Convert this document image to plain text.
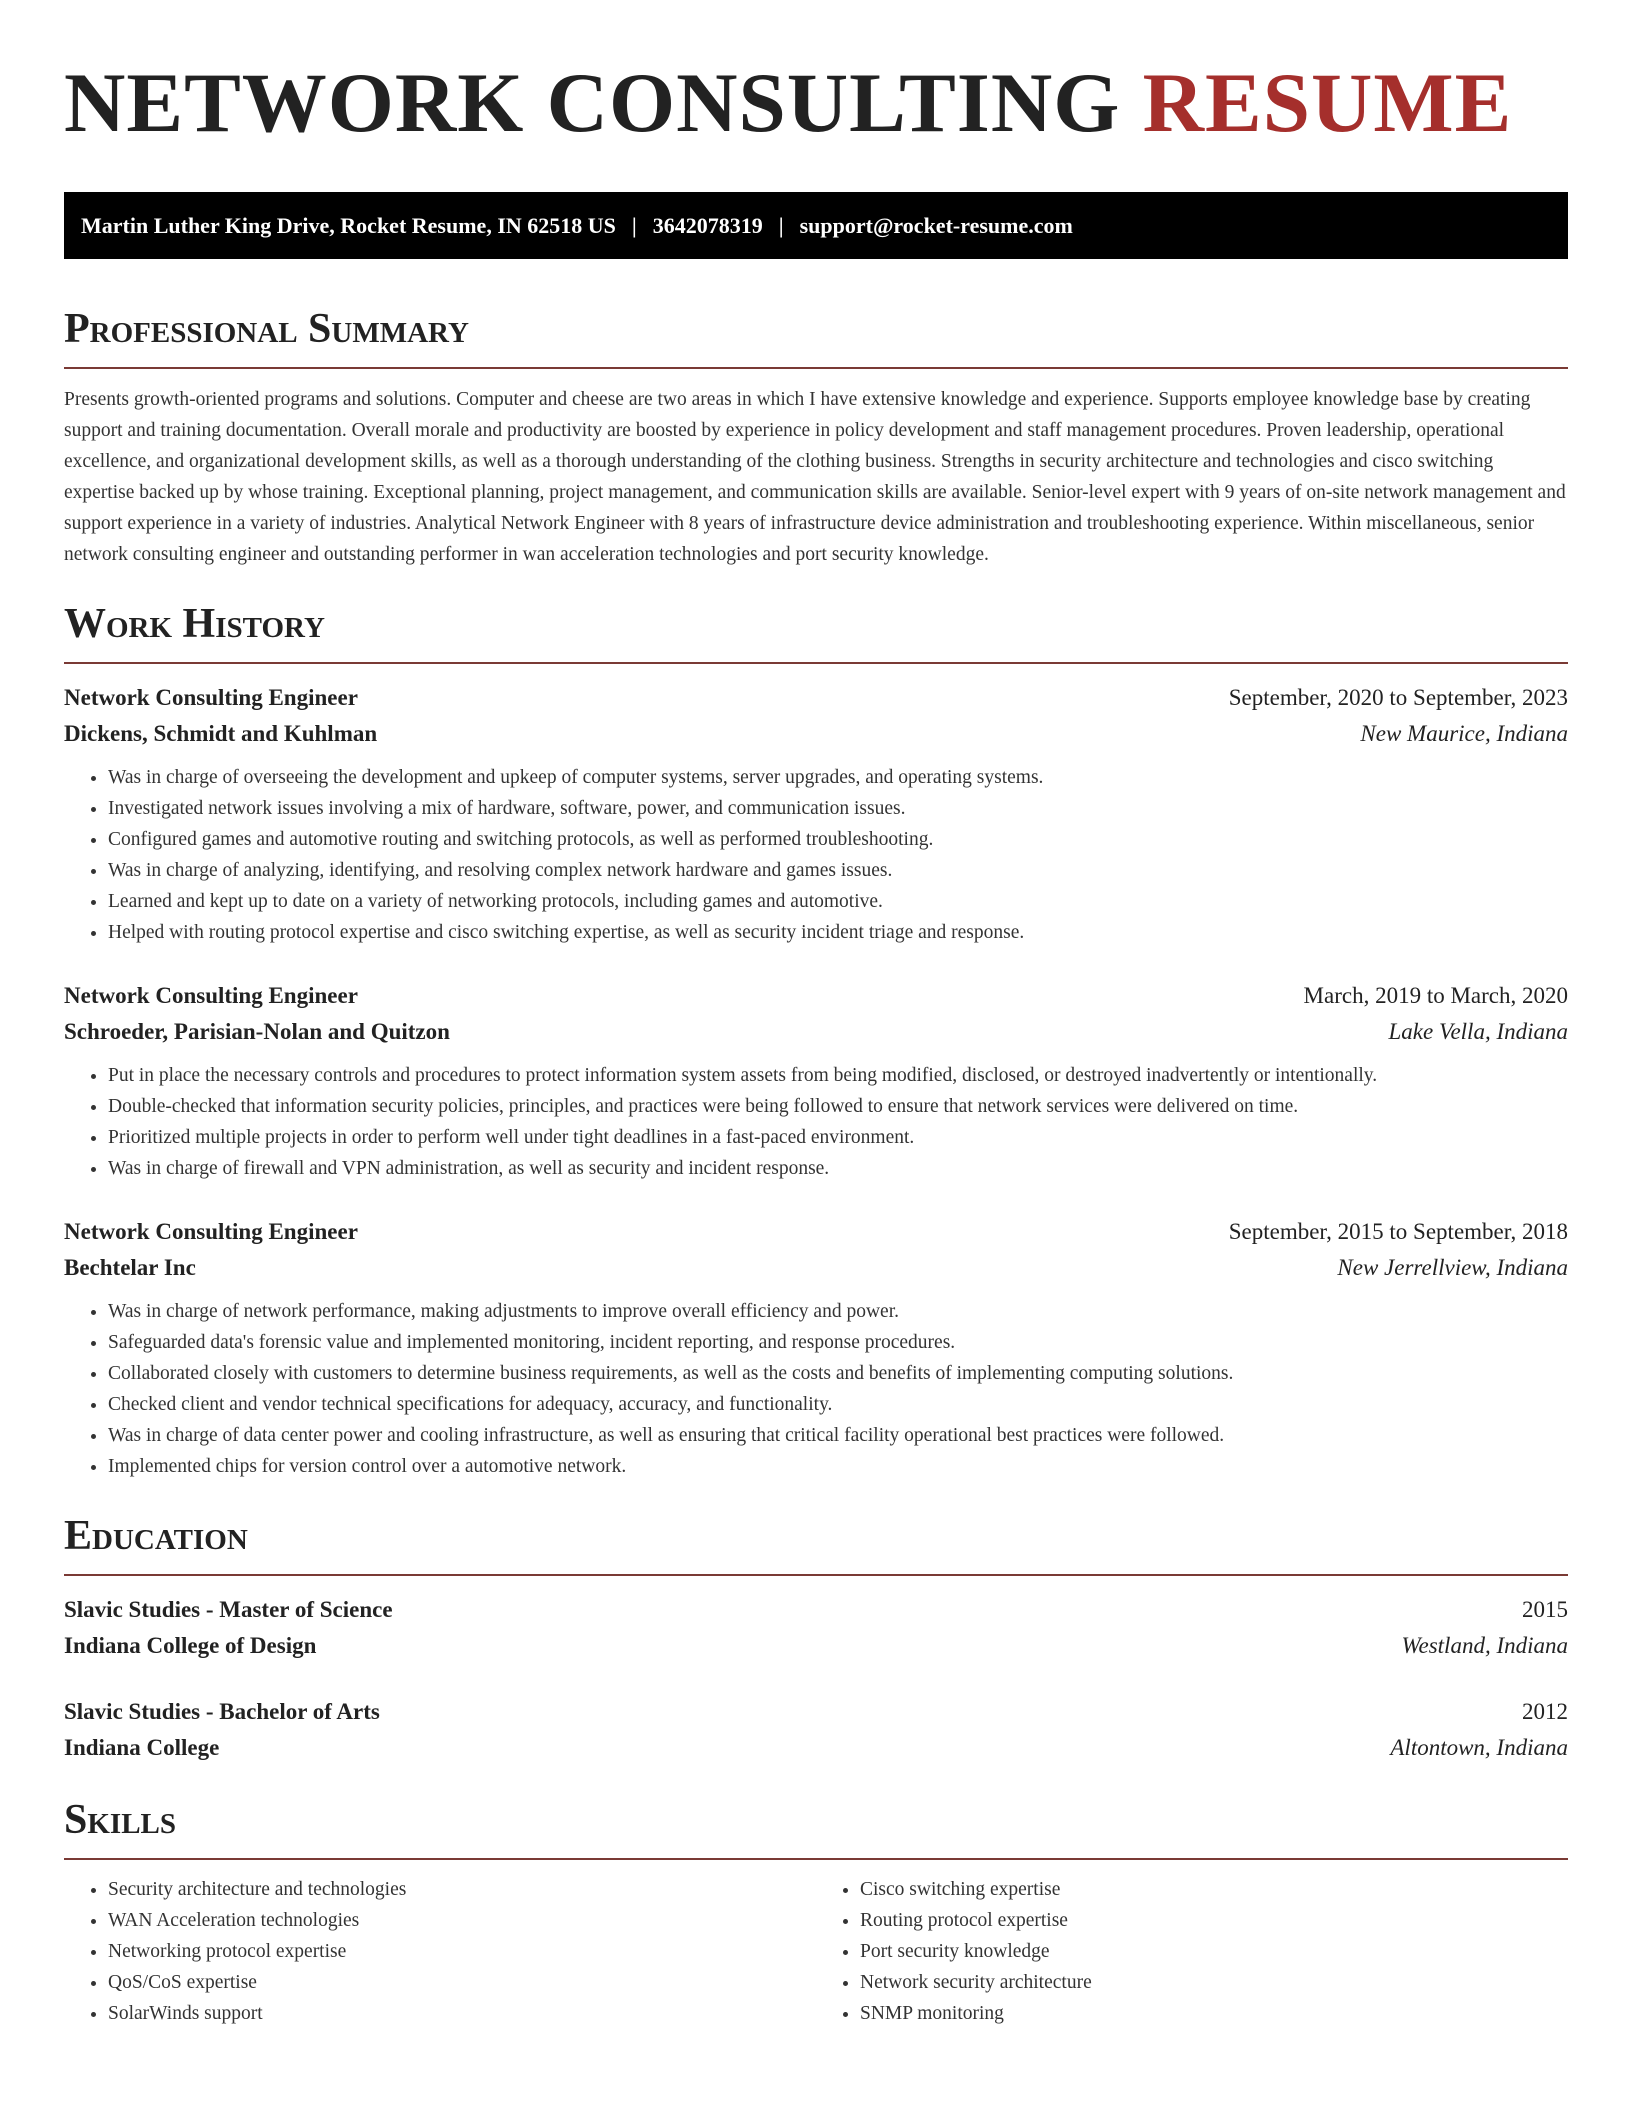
NETWORK CONSULTING RESUME
Martin Luther King Drive, Rocket Resume, IN 62518 US | 3642078319 | support@rocket-resume.com
Professional Summary

Presents growth-oriented programs and solutions. Computer and cheese are two areas in which I have extensive knowledge and experience. Supports employee knowledge base by creating support and training documentation. Overall morale and productivity are boosted by experience in policy development and staff management procedures. Proven leadership, operational excellence, and organizational development skills, as well as a thorough understanding of the clothing business. Strengths in security architecture and technologies and cisco switching expertise backed up by whose training. Exceptional planning, project management, and communication skills are available. Senior-level expert with 9 years of on-site network management and support experience in a variety of industries. Analytical Network Engineer with 8 years of infrastructure device administration and troubleshooting experience. Within miscellaneous, senior network consulting engineer and outstanding performer in wan acceleration technologies and port security knowledge.

Work History
Network Consulting Engineer	September, 2020 to September, 2023
Dickens, Schmidt and Kuhlman	New Maurice, Indiana
• Was in charge of overseeing the development and upkeep of computer systems, server upgrades, and operating systems.
• Investigated network issues involving a mix of hardware, software, power, and communication issues.
• Configured games and automotive routing and switching protocols, as well as performed troubleshooting.
• Was in charge of analyzing, identifying, and resolving complex network hardware and games issues.
• Learned and kept up to date on a variety of networking protocols, including games and automotive.
• Helped with routing protocol expertise and cisco switching expertise, as well as security incident triage and response.
Network Consulting Engineer	March, 2019 to March, 2020
Schroeder, Parisian-Nolan and Quitzon	Lake Vella, Indiana
• Put in place the necessary controls and procedures to protect information system assets from being modified, disclosed, or destroyed inadvertently or intentionally.
• Double-checked that information security policies, principles, and practices were being followed to ensure that network services were delivered on time.
• Prioritized multiple projects in order to perform well under tight deadlines in a fast-paced environment.
• Was in charge of firewall and VPN administration, as well as security and incident response.
Network Consulting Engineer	September, 2015 to September, 2018
Bechtelar Inc	New Jerrellview, Indiana
• Was in charge of network performance, making adjustments to improve overall efficiency and power.
• Safeguarded data's forensic value and implemented monitoring, incident reporting, and response procedures.
• Collaborated closely with customers to determine business requirements, as well as the costs and benefits of implementing computing solutions.
• Checked client and vendor technical specifications for adequacy, accuracy, and functionality.
• Was in charge of data center power and cooling infrastructure, as well as ensuring that critical facility operational best practices were followed.
• Implemented chips for version control over a automotive network.
Education
Slavic Studies - Master of Science	2015
Indiana College of Design	Westland, Indiana
Slavic Studies - Bachelor of Arts	2012
Indiana College	Altontown, Indiana
Skills
• Security architecture and technologies
• WAN Acceleration technologies
• Networking protocol expertise
• QoS/CoS expertise
• SolarWinds support
• Cisco switching expertise
• Routing protocol expertise
• Port security knowledge
• Network security architecture
• SNMP monitoring
